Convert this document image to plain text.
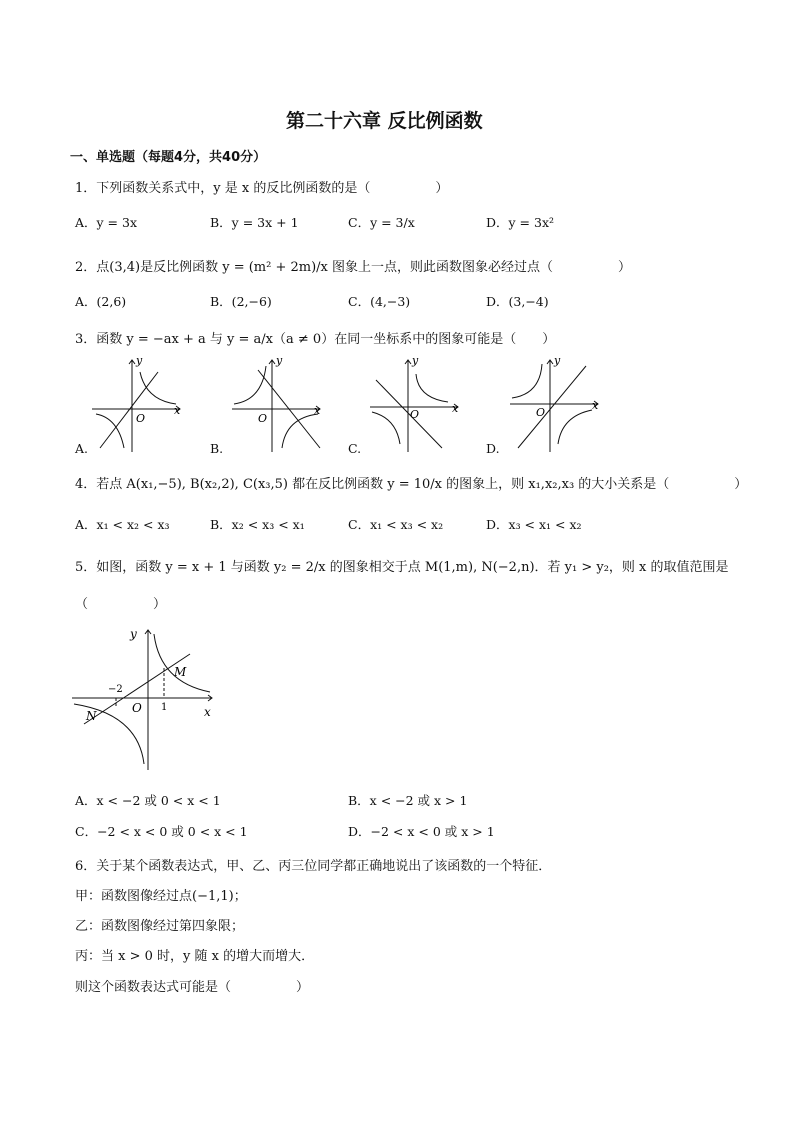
第二十六章 反比例函数
一、单选题（每题4分，共40分）
1．下列函数关系式中，y 是 x 的反比例函数的是（　　　　　）
A．y = 3x	B．y = 3x + 1	C．y = 3/x	D．y = 3x²
2．点(3,4)是反比例函数 y = (m² + 2m)/x 图象上一点，则此函数图象必经过点（　　　　　）
A．(2,6)	B．(2,−6)	C．(4,−3)	D．(3,−4)
3．函数 y = −ax + a 与 y = a/x（a ≠ 0）在同一坐标系中的图象可能是（　　）
y
x
O
y
x
O
y
x
O
y
x
O
A.	B.	C.	D.
4．若点 A(x₁,−5), B(x₂,2), C(x₃,5) 都在反比例函数 y = 10/x 的图象上，则 x₁,x₂,x₃ 的大小关系是（　　　　　）
A．x₁ < x₂ < x₃	B．x₂ < x₃ < x₁	C．x₁ < x₃ < x₂	D．x₃ < x₁ < x₂
5．如图，函数 y = x + 1 与函数 y₂ = 2/x 的图象相交于点 M(1,m), N(−2,n)．若 y₁ > y₂，则 x 的取值范围是
（　　　　　）
y
x
O
M
N
−2
1
A．x < −2 或 0 < x < 1	B．x < −2 或 x > 1
C．−2 < x < 0 或 0 < x < 1	D．−2 < x < 0 或 x > 1
6．关于某个函数表达式，甲、乙、丙三位同学都正确地说出了该函数的一个特征．
甲：函数图像经过点(−1,1)；
乙：函数图像经过第四象限；
丙：当 x > 0 时，y 随 x 的增大而增大．
则这个函数表达式可能是（　　　　　）
